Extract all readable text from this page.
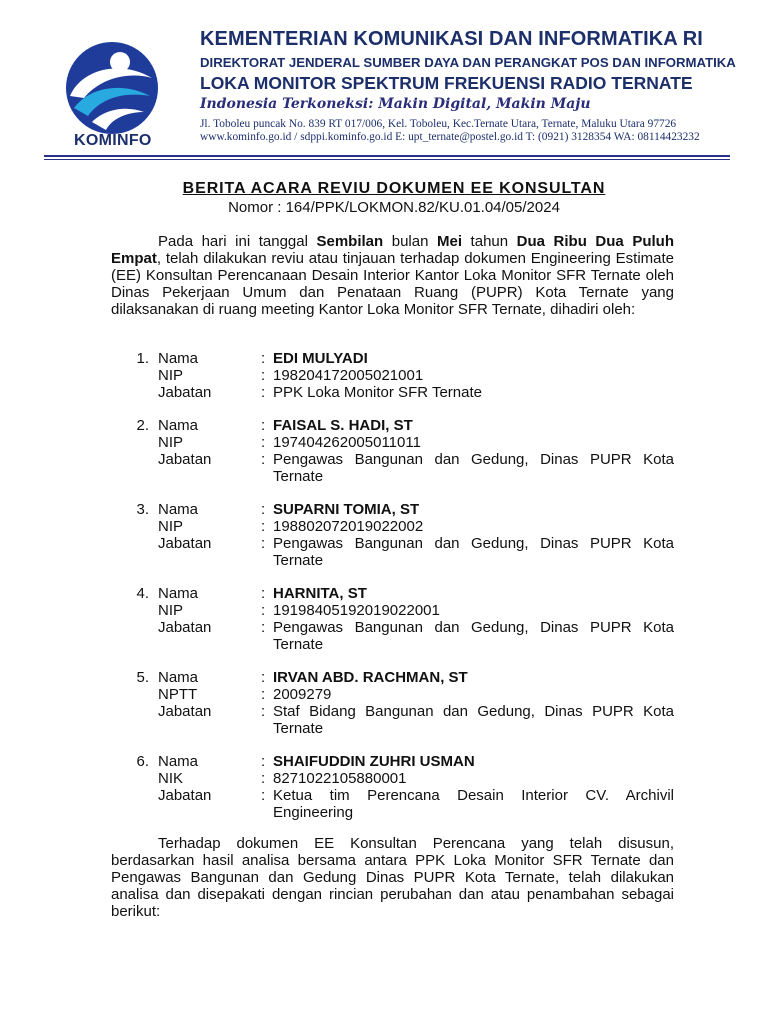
KOMINFO
KEMENTERIAN KOMUNIKASI DAN INFORMATIKA RI
DIREKTORAT JENDERAL SUMBER DAYA DAN PERANGKAT POS DAN INFORMATIKA
LOKA MONITOR SPEKTRUM FREKUENSI RADIO TERNATE
Indonesia Terkoneksi: Makin Digital, Makin Maju
Jl. Toboleu puncak No. 839 RT 017/006, Kel. Toboleu, Kec.Ternate Utara, Ternate, Maluku Utara 97726
www.kominfo.go.id / sdppi.kominfo.go.id E: upt_ternate@postel.go.id T: (0921) 3128354 WA: 08114423232
BERITA ACARA REVIU DOKUMEN EE KONSULTAN
Nomor : 164/PPK/LOKMON.82/KU.01.04/05/2024
Pada hari ini tanggal Sembilan bulan Mei tahun Dua Ribu Dua Puluh Empat, telah dilakukan reviu atau tinjauan terhadap dokumen Engineering Estimate (EE) Konsultan Perencanaan Desain Interior Kantor Loka Monitor SFR Ternate oleh Dinas Pekerjaan Umum dan Penataan Ruang (PUPR) Kota Ternate yang dilaksanakan di ruang meeting Kantor Loka Monitor SFR Ternate, dihadiri oleh:
1. Nama	: EDI MULYADI
NIP	: 198204172005021001
Jabatan	: PPK Loka Monitor SFR Ternate
2. Nama	: FAISAL S. HADI, ST
NIP	: 197404262005011011
Jabatan	: Pengawas Bangunan dan Gedung, Dinas PUPR Kota Ternate
3. Nama	: SUPARNI TOMIA, ST
NIP	: 198802072019022002
Jabatan	: Pengawas Bangunan dan Gedung, Dinas PUPR Kota Ternate
4. Nama	: HARNITA, ST
NIP	: 19198405192019022001
Jabatan	: Pengawas Bangunan dan Gedung, Dinas PUPR Kota Ternate
5. Nama	: IRVAN ABD. RACHMAN, ST
NPTT	: 2009279
Jabatan	: Staf Bidang Bangunan dan Gedung, Dinas PUPR Kota Ternate
6. Nama	: SHAIFUDDIN ZUHRI USMAN
NIK	: 8271022105880001
Jabatan	: Ketua tim Perencana Desain Interior CV. Archivil Engineering
Terhadap dokumen EE Konsultan Perencana yang telah disusun, berdasarkan hasil analisa bersama antara PPK Loka Monitor SFR Ternate dan Pengawas Bangunan dan Gedung Dinas PUPR Kota Ternate, telah dilakukan analisa dan disepakati dengan rincian perubahan dan atau penambahan sebagai berikut:
